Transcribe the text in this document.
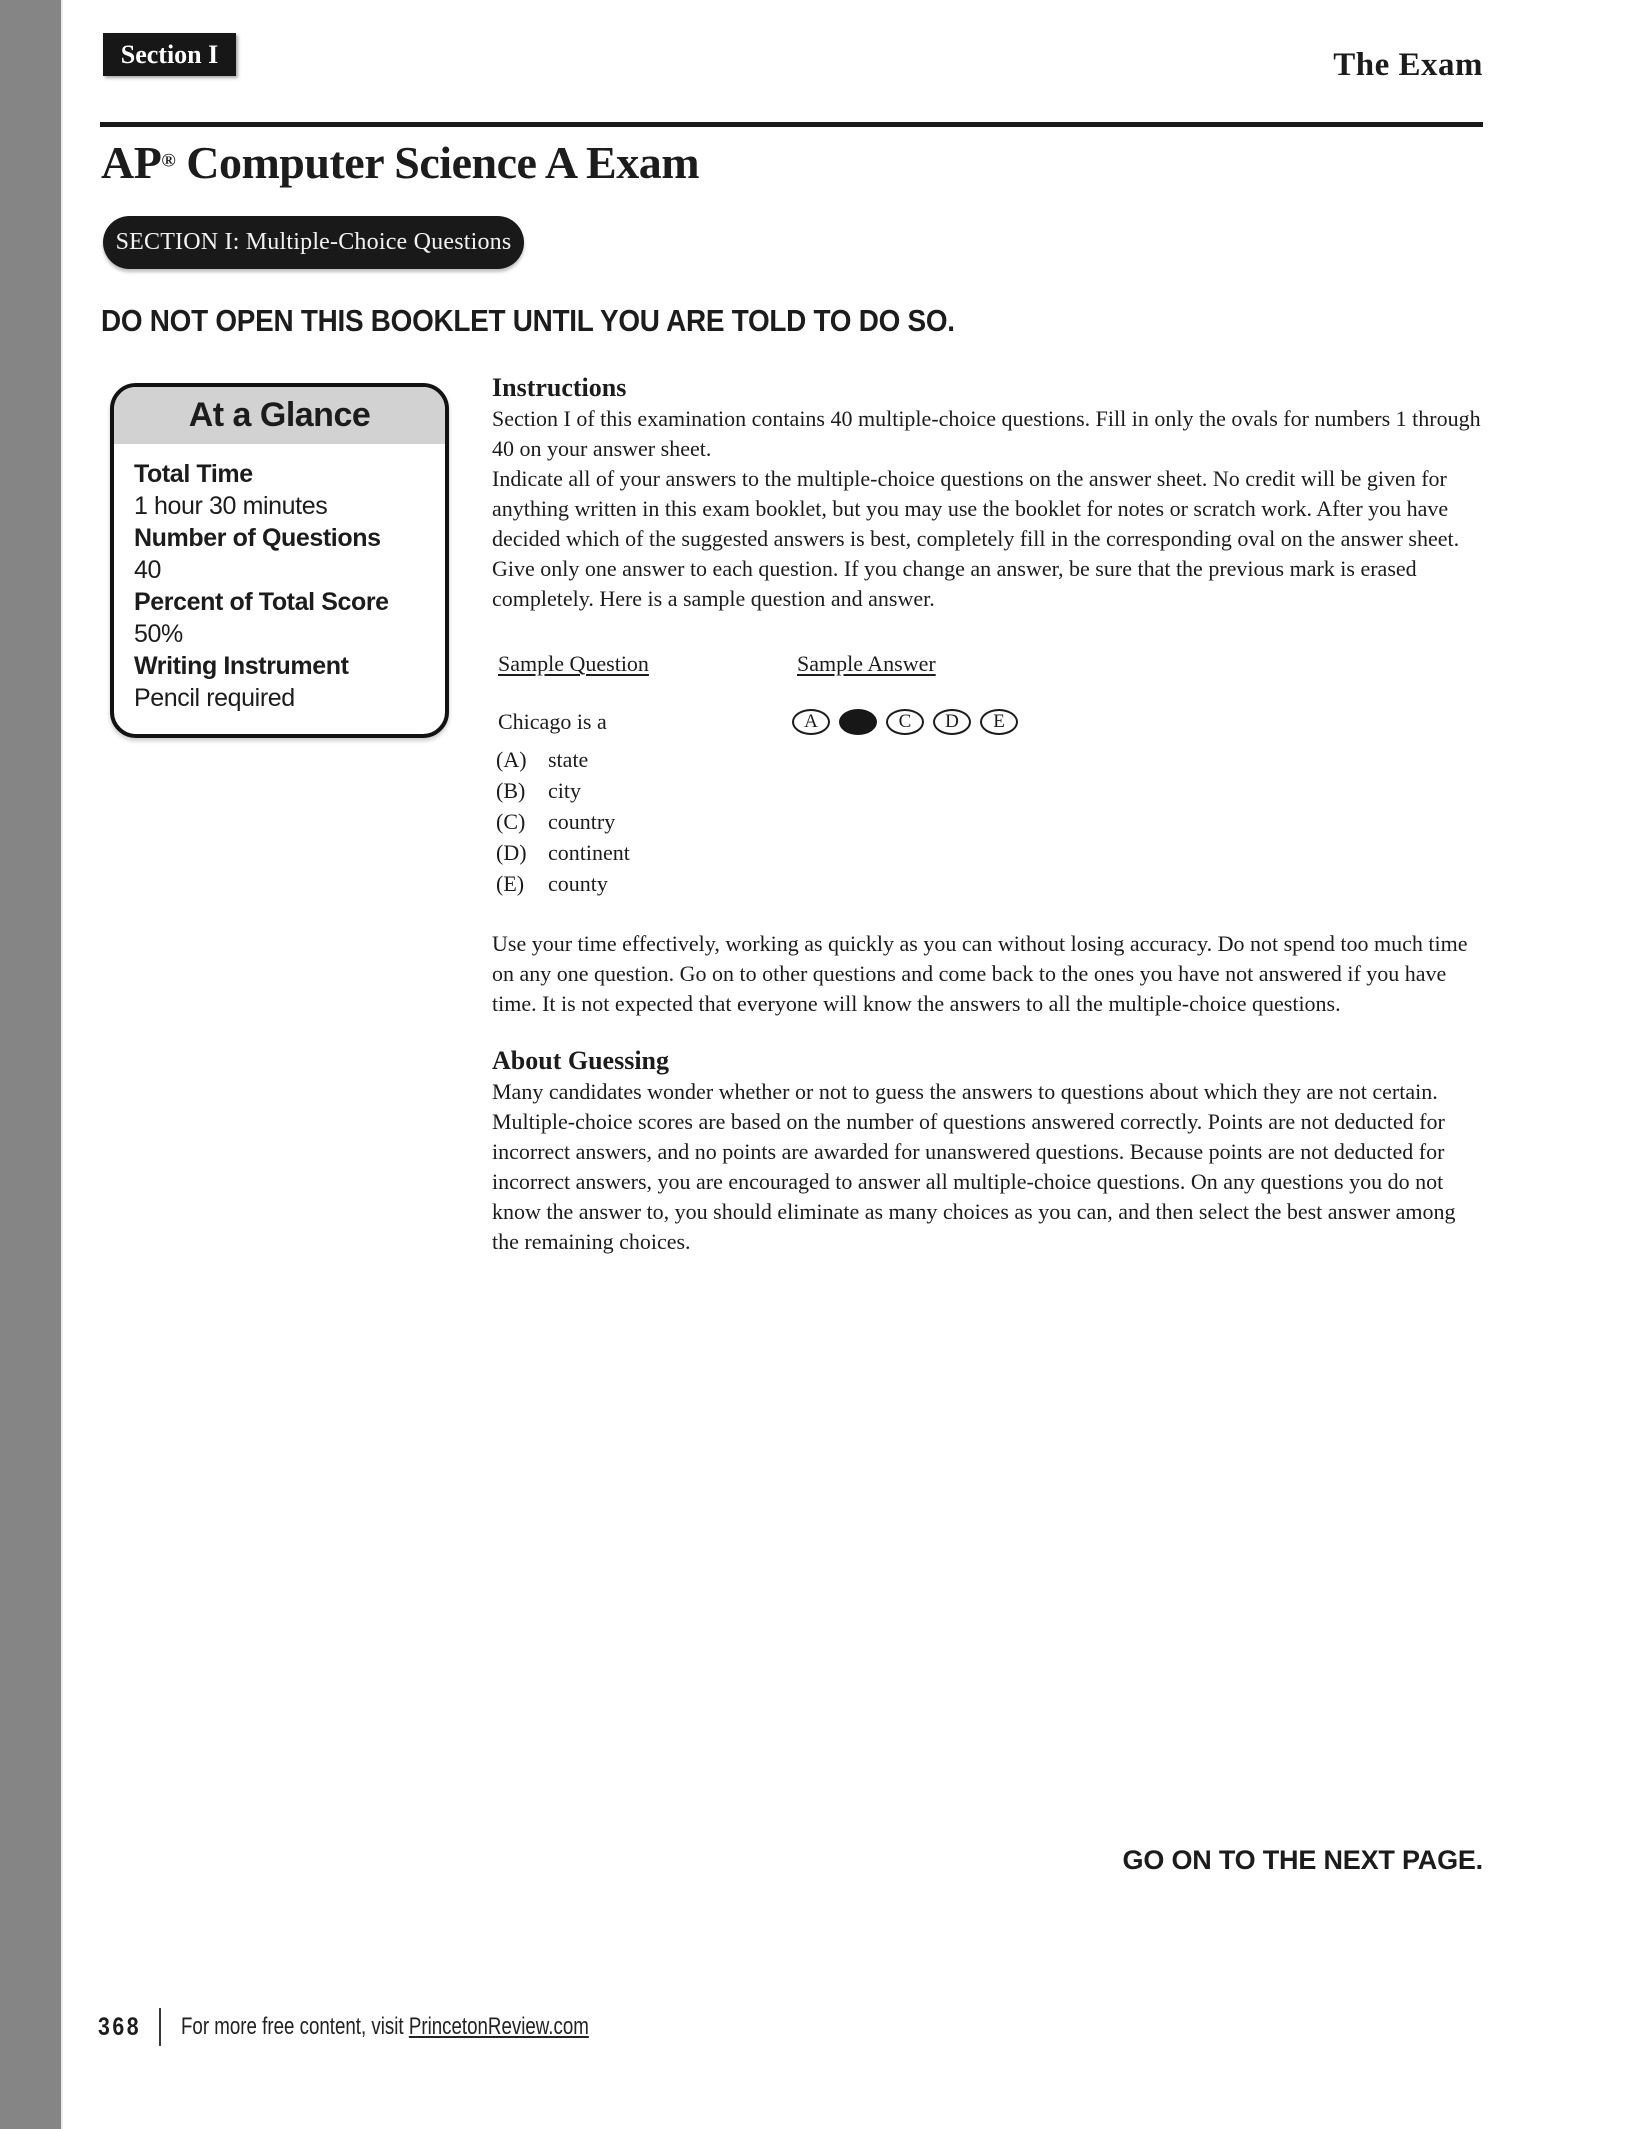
Section I	The Exam
AP® Computer Science A Exam
SECTION I: Multiple-Choice Questions
DO NOT OPEN THIS BOOKLET UNTIL YOU ARE TOLD TO DO SO.
At a Glance
Total Time
1 hour 30 minutes
Number of Questions
40
Percent of Total Score
50%
Writing Instrument
Pencil required
Instructions

Section I of this examination contains 40 multiple-choice questions. Fill in only the ovals for numbers 1 through 40 on your answer sheet.

Indicate all of your answers to the multiple-choice questions on the answer sheet. No credit will be given for anything written in this exam booklet, but you may use the booklet for notes or scratch work. After you have decided which of the suggested answers is best, completely fill in the corresponding oval on the answer sheet. Give only one answer to each question. If you change an answer, be sure that the previous mark is erased completely. Here is a sample question and answer.

Sample Question	Sample Answer
Chicago is a	A	C	D	E
(A) state
(B)	city
(C)	country
(D) continent
(E)	county

Use your time effectively, working as quickly as you can without losing accuracy. Do not spend too much time on any one question. Go on to other questions and come back to the ones you have not answered if you have time. It is not expected that everyone will know the answers to all the multiple-choice questions.

About Guessing

Many candidates wonder whether or not to guess the answers to questions about which they are not certain. Multiple-choice scores are based on the number of questions answered correctly. Points are not deducted for incorrect answers, and no points are awarded for unanswered questions. Because points are not deducted for incorrect answers, you are encouraged to answer all multiple-choice questions. On any questions you do not know the answer to, you should eliminate as many choices as you can, and then select the best answer among the remaining choices.

GO ON TO THE NEXT PAGE.
368 For more free content, visit PrincetonReview.com
